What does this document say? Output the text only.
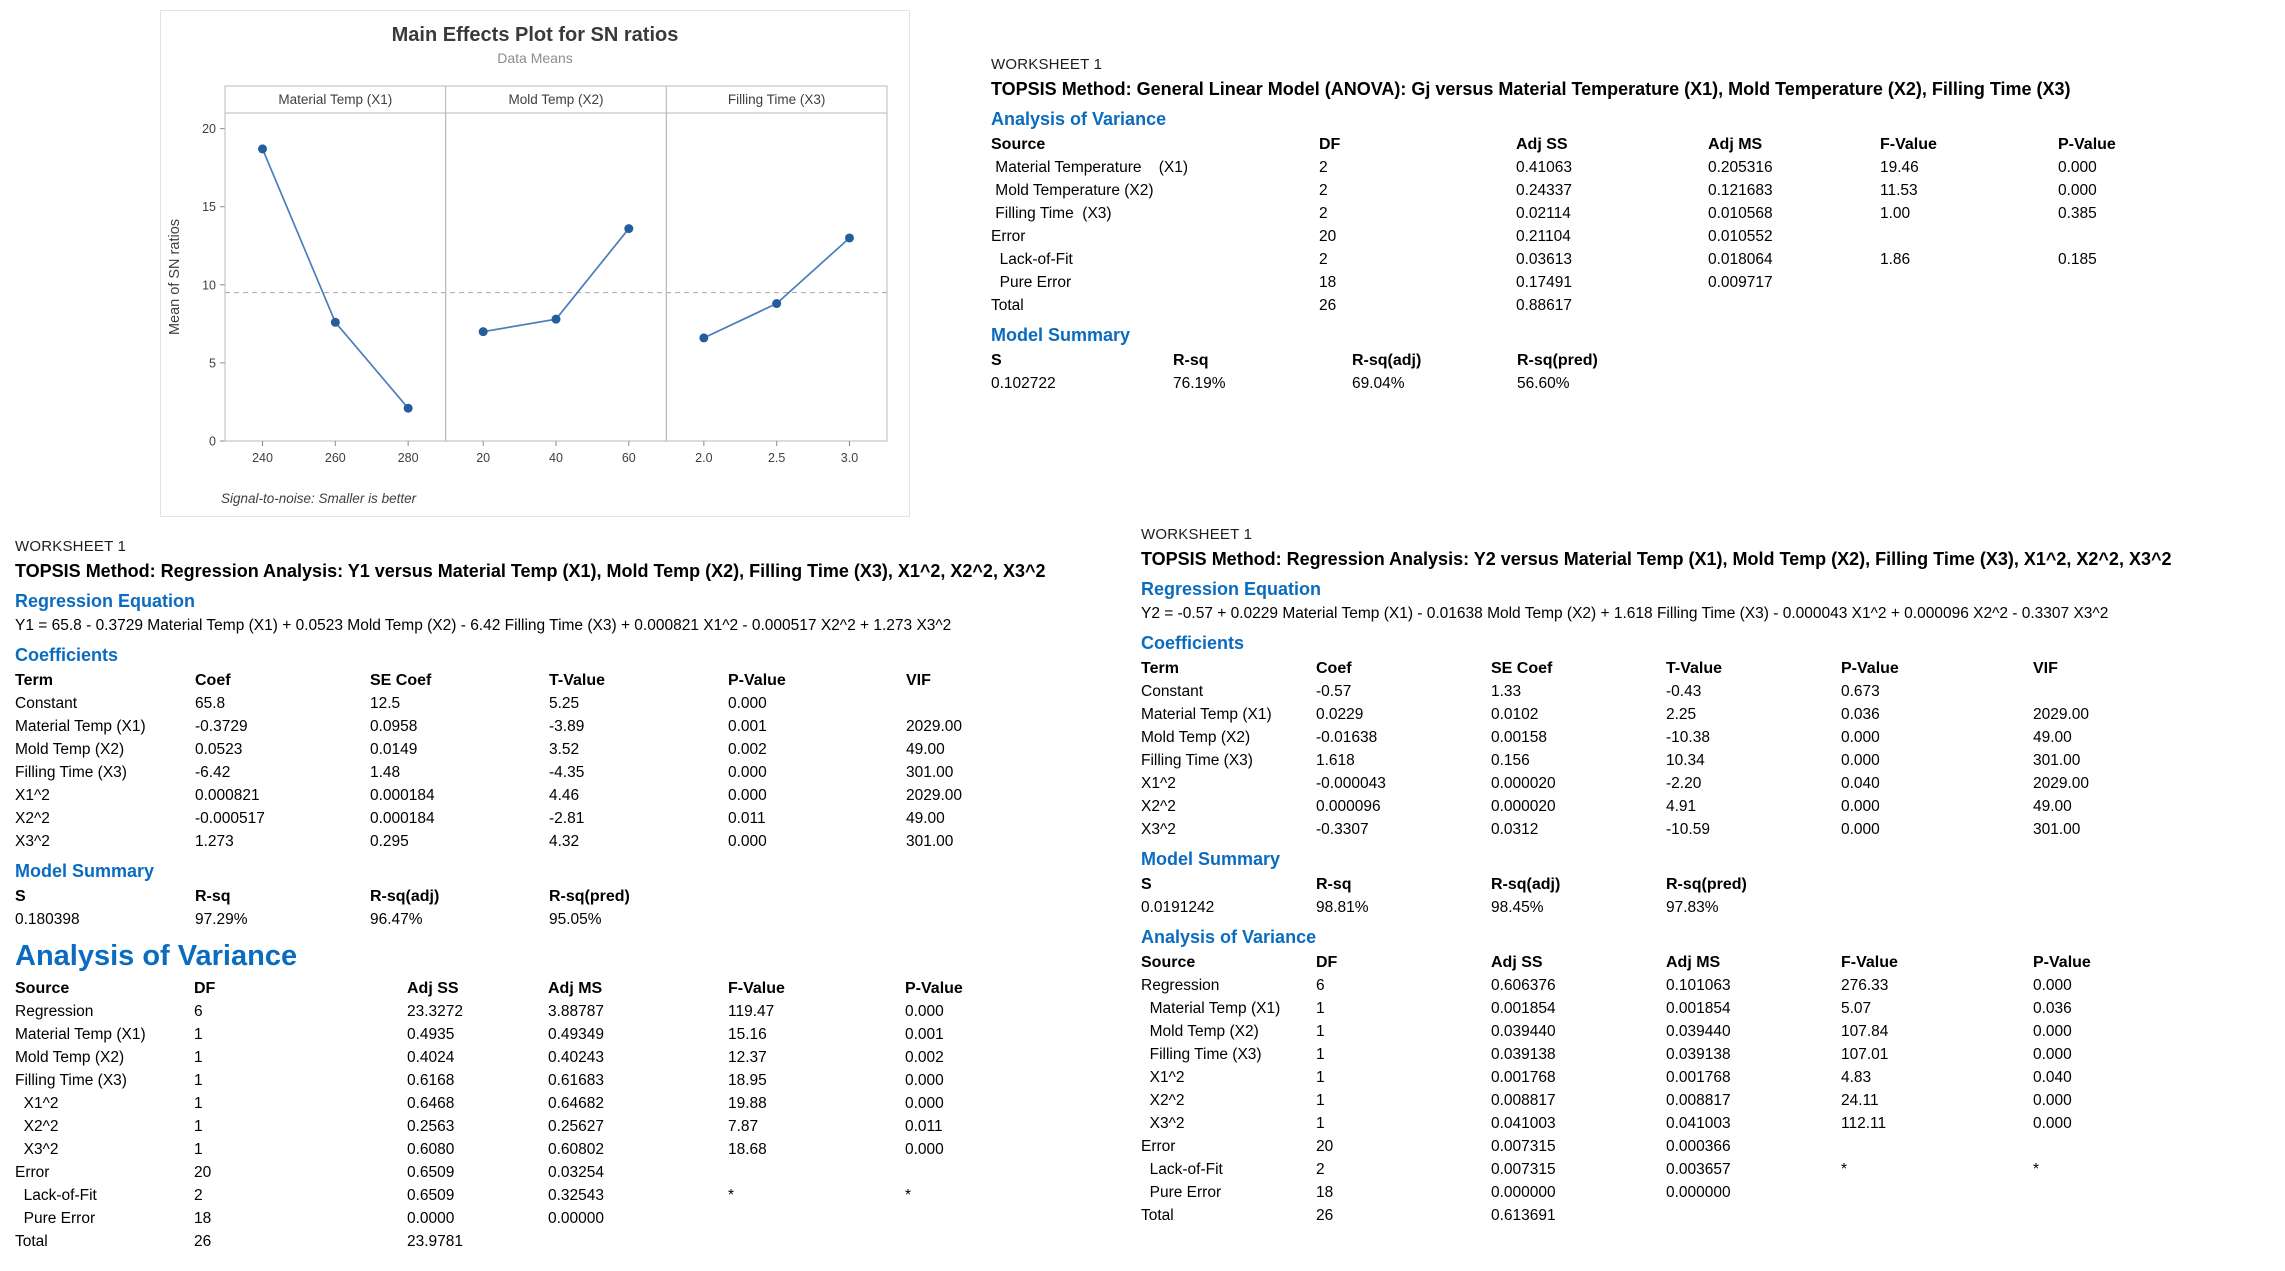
Main Effects Plot for SN ratios
Data Means
Mean of SN ratios
0
5
10
15
20
Material Temp (X1)
240	260	280
Mold Temp (X2)
20	40	60
Filling Time (X3)
2.0	2.5	3.0
Signal-to-noise: Smaller is better
WORKSHEET 1
TOPSIS Method: General Linear Model (ANOVA): Gj versus Material Temperature (X1), Mold Temperature (X2), Filling Time (X3)
Analysis of Variance
Source	DF	Adj SS	Adj MS	F-Value	P-Value
Material Temperature    (X1)	2	0.41063	0.205316	19.46	0.000
Mold Temperature (X2)	2	0.24337	0.121683	11.53	0.000
Filling Time  (X3)	2	0.02114	0.010568	1.00	0.385
Error	20	0.21104	0.010552
Lack-of-Fit	2	0.03613	0.018064	1.86	0.185
Pure Error	18	0.17491	0.009717
Total	26	0.88617
Model Summary
S	R-sq	R-sq(adj)	R-sq(pred)
0.102722	76.19%	69.04%	56.60%
WORKSHEET 1
TOPSIS Method: Regression Analysis: Y1 versus Material Temp (X1), Mold Temp (X2), Filling Time (X3), X1^2, X2^2, X3^2
Regression Equation
Y1 = 65.8 - 0.3729 Material Temp (X1) + 0.0523 Mold Temp (X2) - 6.42 Filling Time (X3) + 0.000821 X1^2 - 0.000517 X2^2 + 1.273 X3^2
Coefficients
Term	Coef	SE Coef	T-Value	P-Value	VIF
Constant	65.8	12.5	5.25	0.000
Material Temp (X1)	-0.3729	0.0958	-3.89	0.001	2029.00
Mold Temp (X2)	0.0523	0.0149	3.52	0.002	49.00
Filling Time (X3)	-6.42	1.48	-4.35	0.000	301.00
X1^2	0.000821	0.000184	4.46	0.000	2029.00
X2^2	-0.000517	0.000184	-2.81	0.011	49.00
X3^2	1.273	0.295	4.32	0.000	301.00
Model Summary
S	R-sq	R-sq(adj)	R-sq(pred)
0.180398	97.29%	96.47%	95.05%
Analysis of Variance
Source	DF	Adj SS	Adj MS	F-Value	P-Value
Regression	6	23.3272	3.88787	119.47	0.000
Material Temp (X1)	1	0.4935	0.49349	15.16	0.001
Mold Temp (X2)	1	0.4024	0.40243	12.37	0.002
Filling Time (X3)	1	0.6168	0.61683	18.95	0.000
X1^2	1	0.6468	0.64682	19.88	0.000
X2^2	1	0.2563	0.25627	7.87	0.011
X3^2	1	0.6080	0.60802	18.68	0.000
Error	20	0.6509	0.03254
Lack-of-Fit	2	0.6509	0.32543	*	*
Pure Error	18	0.0000	0.00000
Total	26	23.9781
WORKSHEET 1
TOPSIS Method: Regression Analysis: Y2 versus Material Temp (X1), Mold Temp (X2), Filling Time (X3), X1^2, X2^2, X3^2
Regression Equation
Y2 = -0.57 + 0.0229 Material Temp (X1) - 0.01638 Mold Temp (X2) + 1.618 Filling Time (X3) - 0.000043 X1^2 + 0.000096 X2^2 - 0.3307 X3^2
Coefficients
Term	Coef	SE Coef	T-Value	P-Value	VIF
Constant	-0.57	1.33	-0.43	0.673
Material Temp (X1)	0.0229	0.0102	2.25	0.036	2029.00
Mold Temp (X2)	-0.01638	0.00158	-10.38	0.000	49.00
Filling Time (X3)	1.618	0.156	10.34	0.000	301.00
X1^2	-0.000043	0.000020	-2.20	0.040	2029.00
X2^2	0.000096	0.000020	4.91	0.000	49.00
X3^2	-0.3307	0.0312	-10.59	0.000	301.00
Model Summary
S	R-sq	R-sq(adj)	R-sq(pred)
0.0191242	98.81%	98.45%	97.83%
Analysis of Variance
Source	DF	Adj SS	Adj MS	F-Value	P-Value
Regression	6	0.606376	0.101063	276.33	0.000
Material Temp (X1)	1	0.001854	0.001854	5.07	0.036
Mold Temp (X2)	1	0.039440	0.039440	107.84	0.000
Filling Time (X3)	1	0.039138	0.039138	107.01	0.000
X1^2	1	0.001768	0.001768	4.83	0.040
X2^2	1	0.008817	0.008817	24.11	0.000
X3^2	1	0.041003	0.041003	112.11	0.000
Error	20	0.007315	0.000366
Lack-of-Fit	2	0.007315	0.003657	*	*
Pure Error	18	0.000000	0.000000
Total	26	0.613691
